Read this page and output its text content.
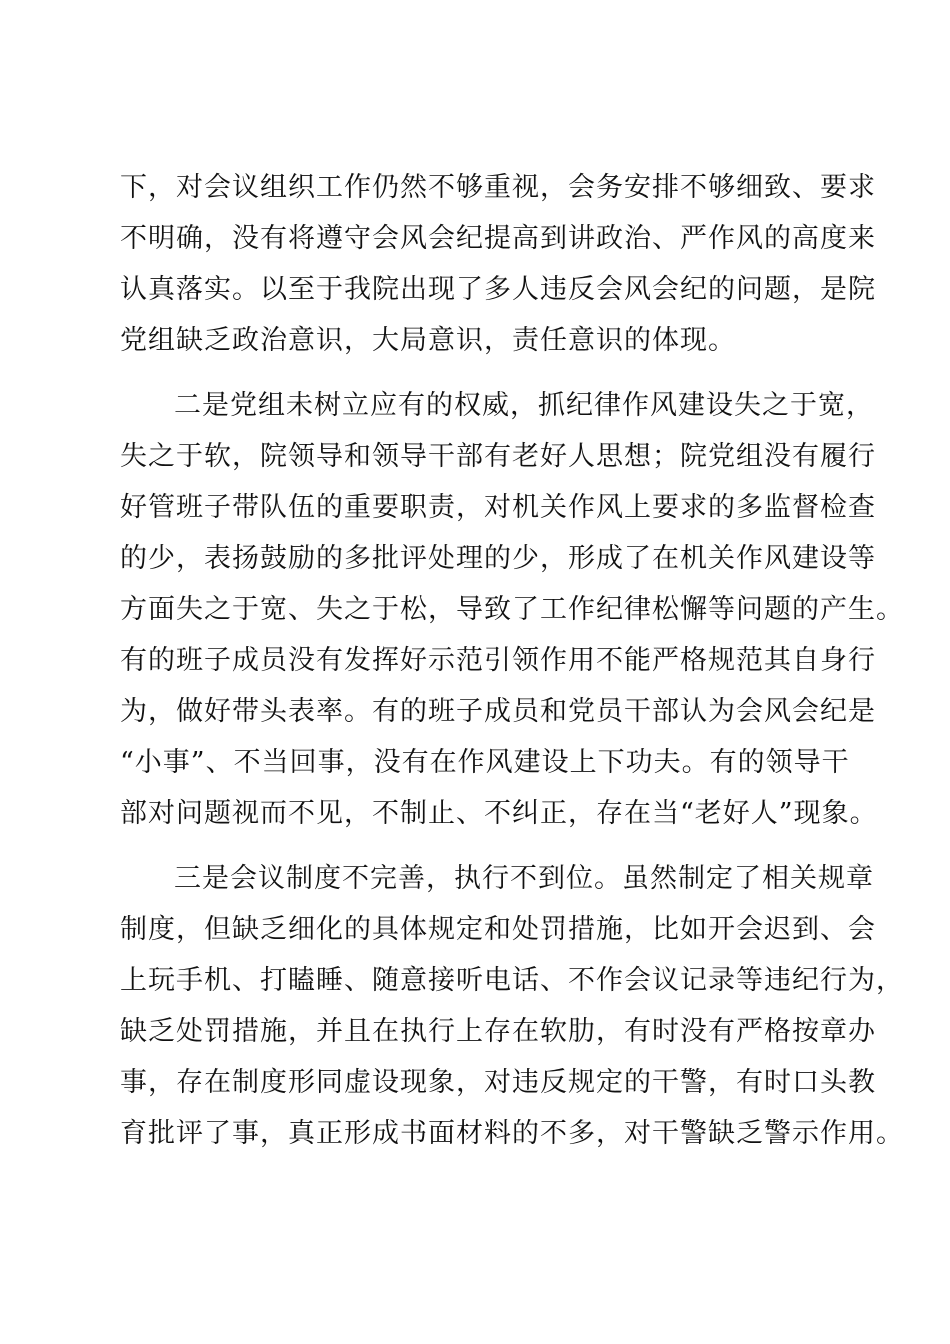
下，对会议组织工作仍然不够重视，会务安排不够细致、要求
不明确，没有将遵守会风会纪提高到讲政治、严作风的高度来
认真落实。以至于我院出现了多人违反会风会纪的问题，是院
党组缺乏政治意识，大局意识，责任意识的体现。
二是党组未树立应有的权威，抓纪律作风建设失之于宽，
失之于软，院领导和领导干部有老好人思想；院党组没有履行
好管班子带队伍的重要职责，对机关作风上要求的多监督检查
的少，表扬鼓励的多批评处理的少，形成了在机关作风建设等
方面失之于宽、失之于松，导致了工作纪律松懈等问题的产生。
有的班子成员没有发挥好示范引领作用不能严格规范其自身行
为，做好带头表率。有的班子成员和党员干部认为会风会纪是
“小事”、不当回事，没有在作风建设上下功夫。有的领导干
部对问题视而不见，不制止、不纠正，存在当“老好人”现象。
三是会议制度不完善，执行不到位。虽然制定了相关规章
制度，但缺乏细化的具体规定和处罚措施，比如开会迟到、会
上玩手机、打瞌睡、随意接听电话、不作会议记录等违纪行为，
缺乏处罚措施，并且在执行上存在软肋，有时没有严格按章办
事，存在制度形同虚设现象，对违反规定的干警，有时口头教
育批评了事，真正形成书面材料的不多，对干警缺乏警示作用。
